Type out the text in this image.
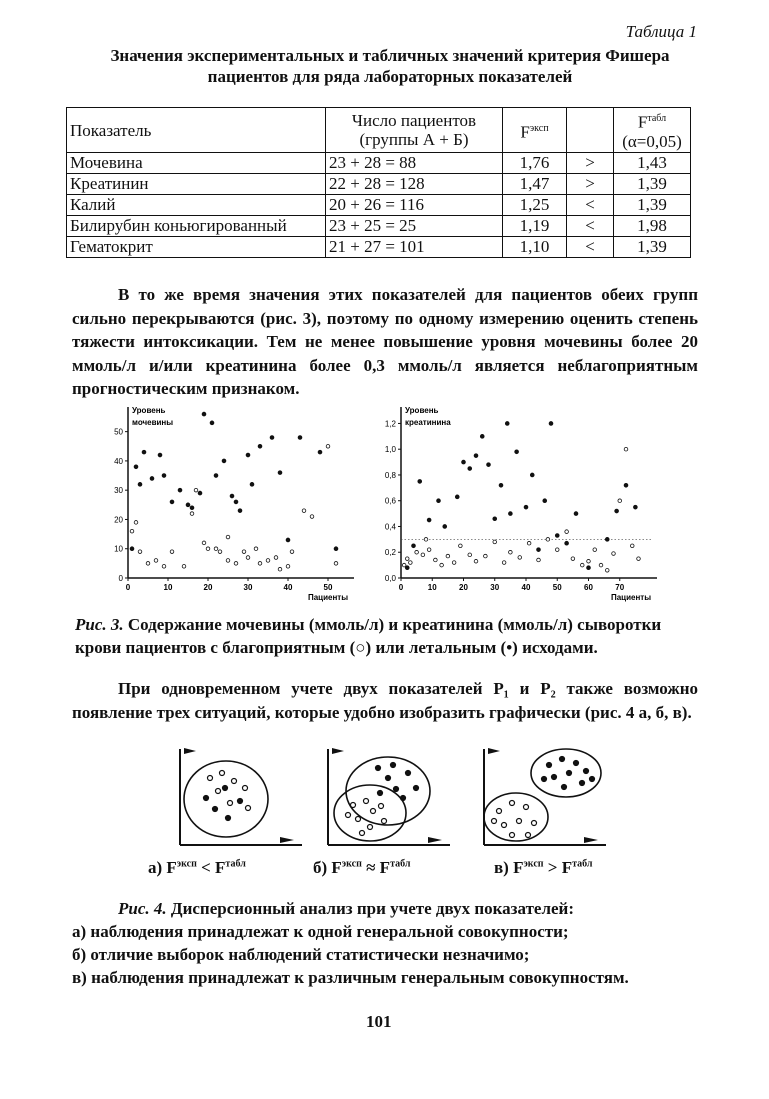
Таблица 1
Значения экспериментальных и табличных значений критерия Фишера пациентов для ряда лабораторных показателей
Показатель	Число пациентов (группы А + Б)	$F^{эксп}$		$F^{табл}$
(α=0,05)
Мочевина	23 + 28 = 88	1,76	>	1,43
Креатинин	22 + 28 = 128	1,47	>	1,39
Калий	20 + 26 = 116	1,25	<	1,39
Билирубин коньюгированный	23 + 25 = 25	1,19	<	1,98
Гематокрит	21 + 27 = 101	1,10	<	1,39
В то же время значения этих показателей для пациентов обеих групп сильно перекрываются (рис. 3), поэтому по одному измерению оценить степень тяжести интоксикации. Тем не менее повышение уровня мочевины более 20 ммоль/л и/или креатинина более 0,3 ммоль/л является неблагоприятным прогностическим признаком.
0
10
20
30
40
50
0	10	20	30	40	50
Пациенты
Уровень
мочевины
0,0
0,2
0,4
0,6
0,8
1,0
1,2
0	10	20	30	40	50	60	70
Пациенты
Уровень
креатинина
Рис. 3. Содержание мочевины (ммоль/л) и креатинина (ммоль/л) сыворотки крови пациентов с благоприятным (○) или летальным (•) исходами.
При одновременном учете двух показателей P₁ и P₂ также возможно появление трех ситуаций, которые удобно изобразить графически (рис. 4 а, б, в).
а) $F^{эксп} < F^{табл}$	б) $F^{эксп} \approx F^{табл}$	в) $F^{эксп} > F^{табл}$
Рис. 4. Дисперсионный анализ при учете двух показателей:
а) наблюдения принадлежат к одной генеральной совокупности;
б) отличие выборок наблюдений статистически незначимо;
в) наблюдения принадлежат к различным генеральным совокупностям.
101
